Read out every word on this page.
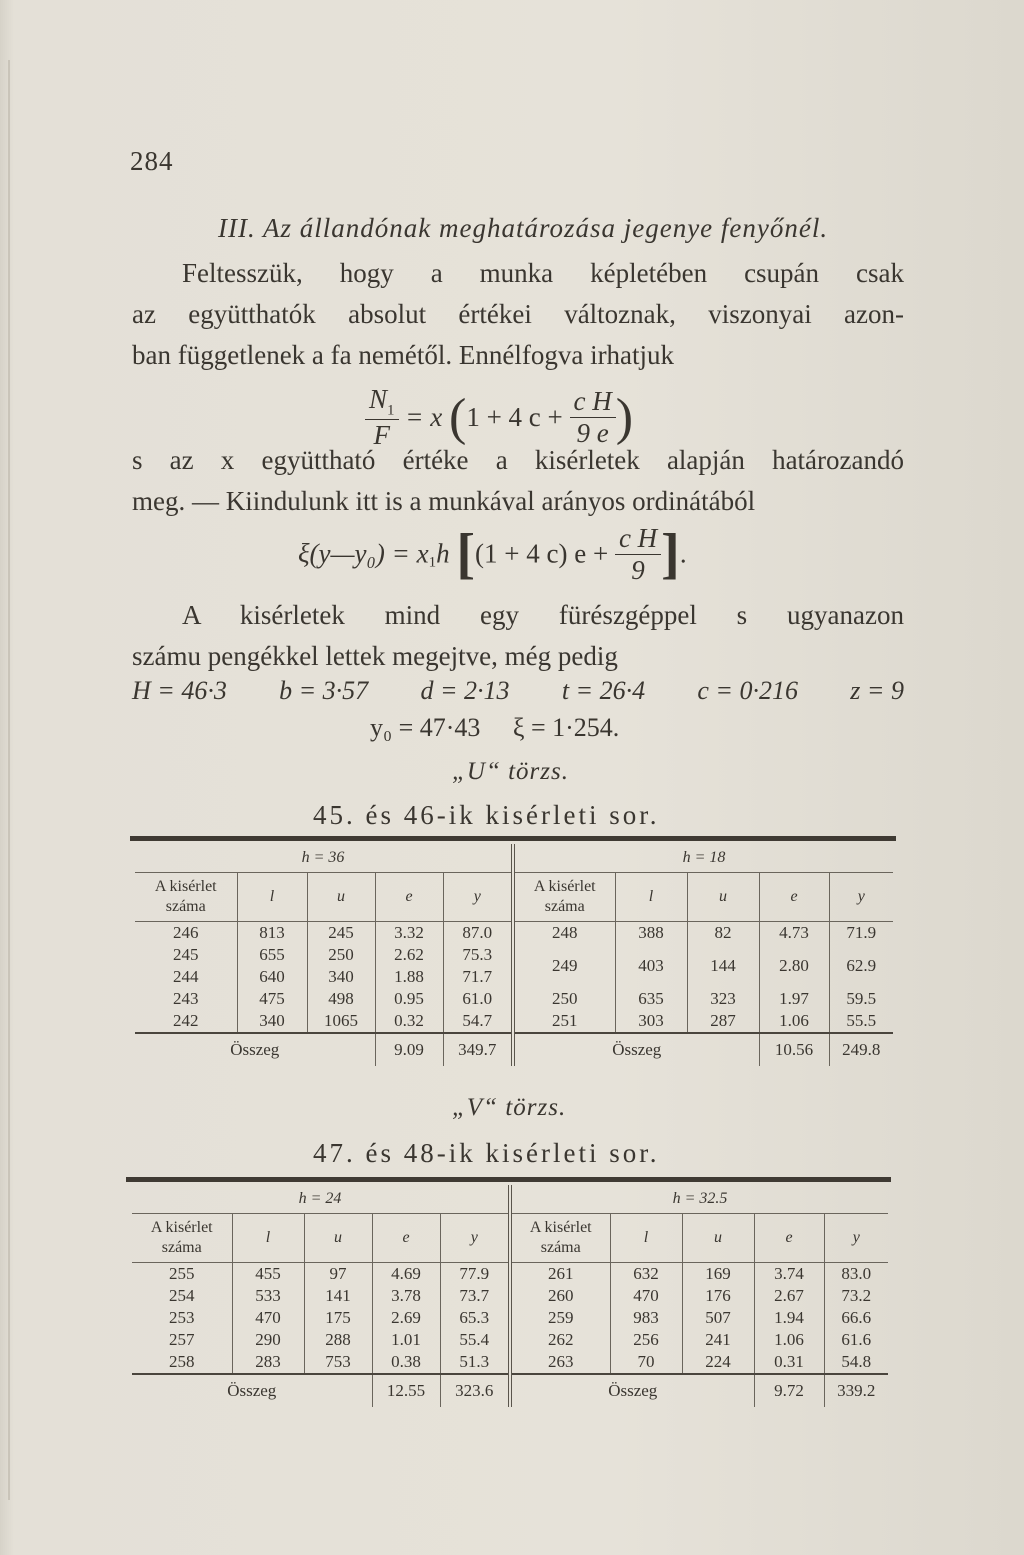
284
III. Az állandónak meghatározása jegenye fenyőnél.

Feltesszük, hogy a munka képletében csupán csak
az együtthatók absolut értékei változnak, viszonyai azon-
ban függetlenek a fa nemétől. Ennélfogva irhatjuk

$\frac{N_1}{F} = x$ (1 + 4 $c + \frac{\text{c H}}{9 e}$ )

s az x együttható értéke a kisérletek alapján határozandó
meg. — Kiindulunk itt is a munkával arányos ordinátából

ξ(y—y₀) = $x_1h$ [(1 + 4 c) $e + \frac{\text{c H}}{9}$ ].

A kisérletek mind egy fürészgéppel s ugyanazon
számu pengékkel lettek megejtve, még pedig

H = 46·3 b = 3·57 d = 2·13 t = 26·4 c = 0·216 z = 9
y₀ = 47·43 ξ = 1·254.
„U“ törzs.
45. és 46-ik kisérleti sor.
h = 36					h = 18				
A kisérlet száma	l	u	e	y	A kisérlet száma	l	u	e	y
246	813	245	3.32	87.0	248	388	82	4.73	71.9
245	655	250	2.62	75.3	249	403	144	2.80	62.9
244	640	340	1.88	71.7					
243	475	498	0.95	61.0	250	635	323	1.97	59.5
242	340	1065	0.32	54.7	251	303	287	1.06	55.5
Összeg			9.09	349.7	Összeg			10.56	249.8
„V“ törzs.
47. és 48-ik kisérleti sor.
h = 24					h = 32.5				
A kisérlet száma	l	u	e	y	A kisérlet száma	l	u	e	y
255	455	97	4.69	77.9	261	632	169	3.74	83.0
254	533	141	3.78	73.7	260	470	176	2.67	73.2
253	470	175	2.69	65.3	259	983	507	1.94	66.6
257	290	288	1.01	55.4	262	256	241	1.06	61.6
258	283	753	0.38	51.3	263	70	224	0.31	54.8
Összeg			12.55	323.6	Összeg			9.72	339.2
